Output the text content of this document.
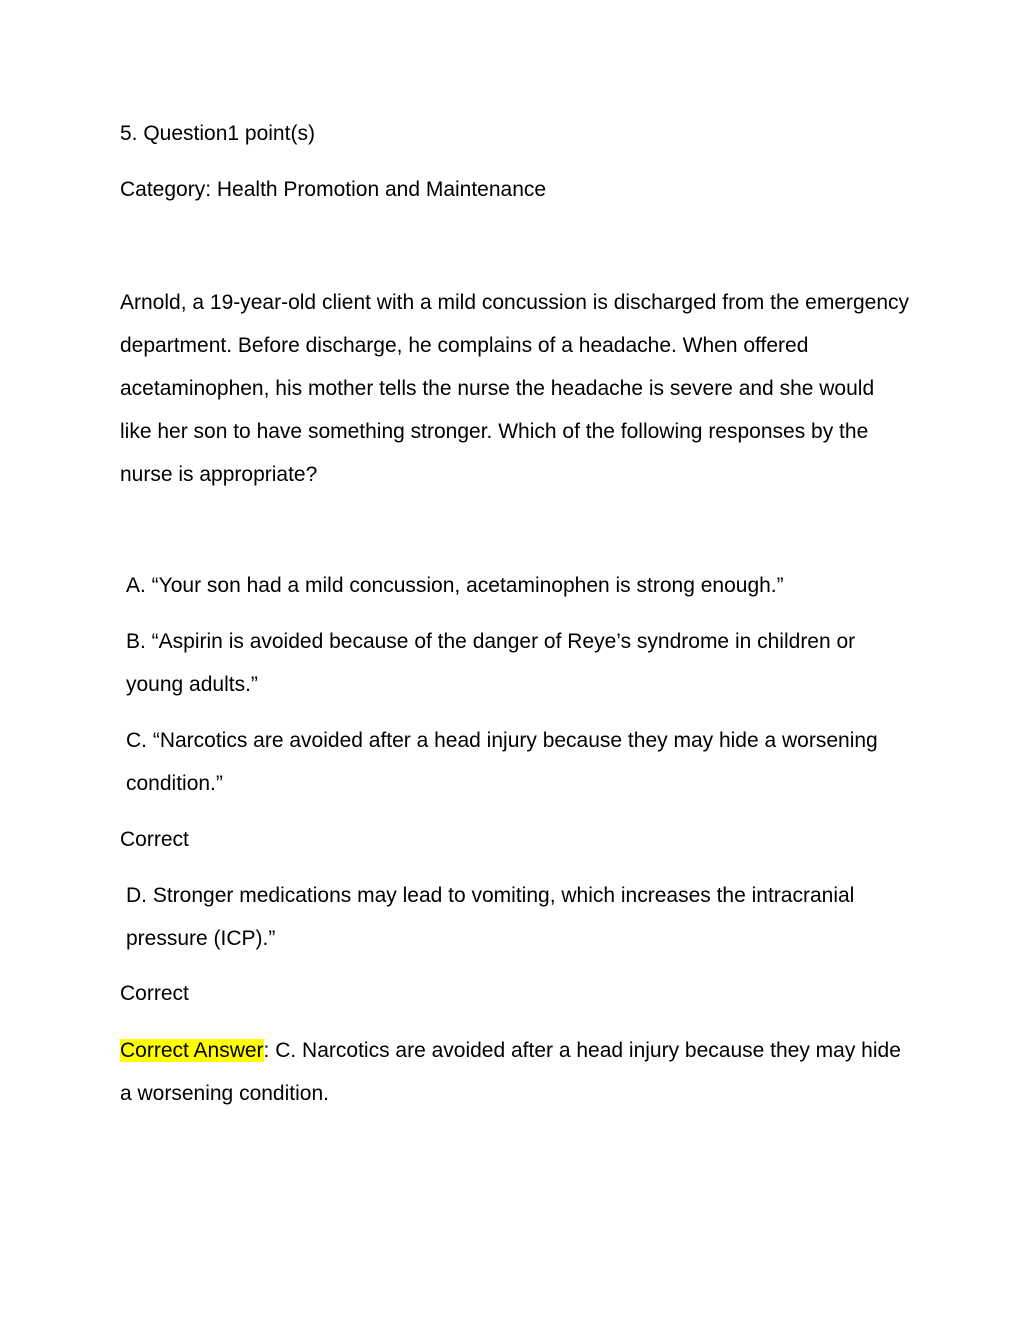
5. Question1 point(s)
Category: Health Promotion and Maintenance
Arnold, a 19-year-old client with a mild concussion is discharged from the emergency department. Before discharge, he complains of a headache. When offered acetaminophen, his mother tells the nurse the headache is severe and she would like her son to have something stronger. Which of the following responses by the nurse is appropriate?
A. “Your son had a mild concussion, acetaminophen is strong enough.”
B. “Aspirin is avoided because of the danger of Reye’s syndrome in children or young adults.”
C. “Narcotics are avoided after a head injury because they may hide a worsening condition.”
Correct
D. Stronger medications may lead to vomiting, which increases the intracranial pressure (ICP).”
Correct
Correct Answer: C. Narcotics are avoided after a head injury because they may hide a worsening condition.
